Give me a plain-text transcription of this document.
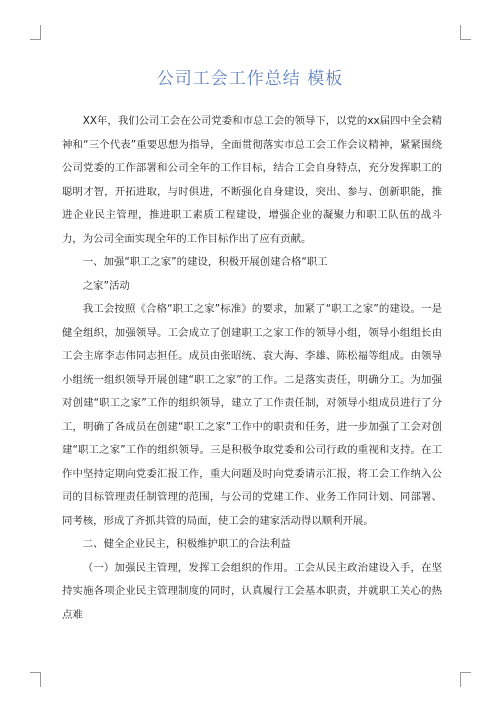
公司工会工作总结 模板

XX年，我们公司工会在公司党委和市总工会的领导下，以党的xx届四中全会精神和“三个代表”重要思想为指导，全面贯彻落实市总工会工作会议精神，紧紧围绕公司党委的工作部署和公司全年的工作目标，结合工会自身特点，充分发挥职工的聪明才智，开拓进取，与时俱进，不断强化自身建设，突出、参与、创新职能，推进企业民主管理，推进职工素质工程建设，增强企业的凝聚力和职工队伍的战斗力，为公司全面实现全年的工作目标作出了应有贡献。

一、加强“职工之家”的建设，积极开展创建合格“职工

之家”活动

我工会按照《合格“职工之家”标准》的要求，加紧了“职工之家”的建设。一是健全组织，加强领导。工会成立了创建职工之家工作的领导小组，领导小组组长由工会主席李志伟同志担任。成员由张昭统、袁大海、李雄、陈松福等组成。由领导小组统一组织领导开展创建“职工之家”的工作。二是落实责任，明确分工。为加强对创建“职工之家”工作的组织领导，建立了工作责任制，对领导小组成员进行了分工，明确了各成员在创建“职工之家”工作中的职责和任务，进一步加强了工会对创建“职工之家”工作的组织领导。三是积极争取党委和公司行政的重视和支持。在工作中坚持定期向党委汇报工作，重大问题及时向党委请示汇报，将工会工作纳入公司的目标管理责任制管理的范围，与公司的党建工作、业务工作同计划、同部署、同考核，形成了齐抓共管的局面，使工会的建家活动得以顺利开展。

二、健全企业民主，积极维护职工的合法利益

（一）加强民主管理，发挥工会组织的作用。工会从民主政治建设入手，在坚持实施各项企业民主管理制度的同时，认真履行工会基本职责，并就职工关心的热点难
